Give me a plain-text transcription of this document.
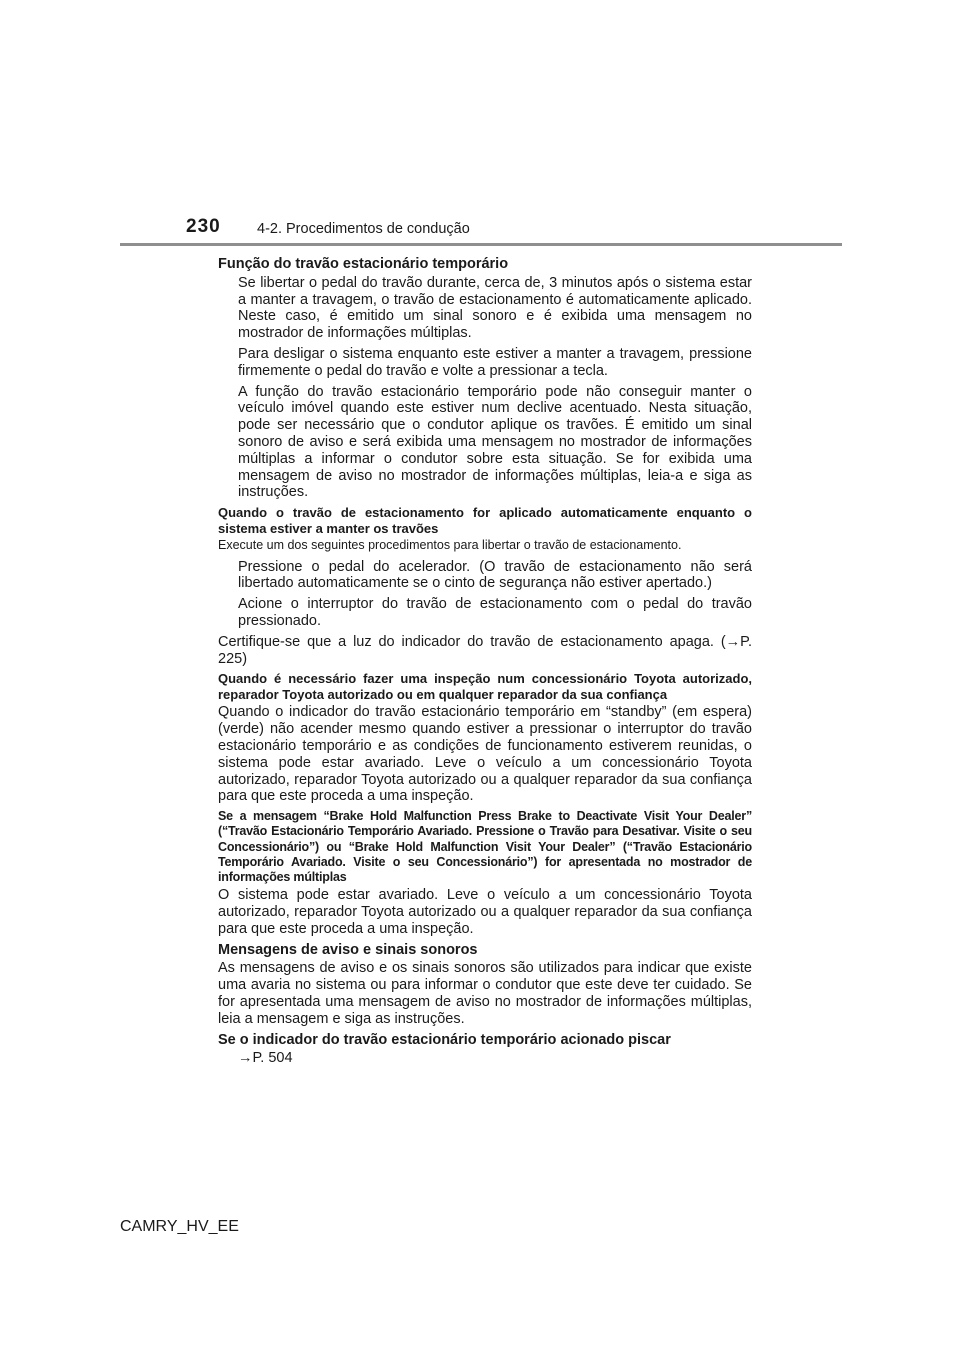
230	4-2. Procedimentos de condução

Função do travão estacionário temporário

Se libertar o pedal do travão durante, cerca de, 3 minutos após o sistema estar a manter a travagem, o travão de estacionamento é automaticamente aplicado. Neste caso, é emitido um sinal sonoro e é exibida uma mensagem no mostrador de informações múltiplas.

Para desligar o sistema enquanto este estiver a manter a travagem, pressione firmemente o pedal do travão e volte a pressionar a tecla.

A função do travão estacionário temporário pode não conseguir manter o veículo imóvel quando este estiver num declive acentuado. Nesta situação, pode ser necessário que o condutor aplique os travões. É emitido um sinal sonoro de aviso e será exibida uma mensagem no mostrador de informações múltiplas a informar o condutor sobre esta situação. Se for exibida uma mensagem de aviso no mostrador de informações múltiplas, leia-a e siga as instruções.

Quando o travão de estacionamento for aplicado automaticamente enquanto o sistema estiver a manter os travões

Execute um dos seguintes procedimentos para libertar o travão de estacionamento.

Pressione o pedal do acelerador. (O travão de estacionamento não será libertado automaticamente se o cinto de segurança não estiver apertado.)

Acione o interruptor do travão de estacionamento com o pedal do travão pressionado.

Certifique-se que a luz do indicador do travão de estacionamento apaga. (→P. 225)

Quando é necessário fazer uma inspeção num concessionário Toyota autorizado, reparador Toyota autorizado ou em qualquer reparador da sua confiança

Quando o indicador do travão estacionário temporário em “standby” (em espera) (verde) não acender mesmo quando estiver a pressionar o interruptor do travão estacionário temporário e as condições de funcionamento estiverem reunidas, o sistema pode estar avariado. Leve o veículo a um concessionário Toyota autorizado, reparador Toyota autorizado ou a qualquer reparador da sua confiança para que este proceda a uma inspeção.

Se a mensagem “Brake Hold Malfunction Press Brake to Deactivate Visit Your Dealer” (“Travão Estacionário Temporário Avariado. Pressione o Travão para Desativar. Visite o seu Concessionário”) ou “Brake Hold Malfunction Visit Your Dealer” (“Travão Estacionário Temporário Avariado. Visite o seu Concessionário”) for apresentada no mostrador de informações múltiplas

O sistema pode estar avariado. Leve o veículo a um concessionário Toyota autorizado, reparador Toyota autorizado ou a qualquer reparador da sua confiança para que este proceda a uma inspeção.

Mensagens de aviso e sinais sonoros

As mensagens de aviso e os sinais sonoros são utilizados para indicar que existe uma avaria no sistema ou para informar o condutor que este deve ter cuidado. Se for apresentada uma mensagem de aviso no mostrador de informações múltiplas, leia a mensagem e siga as instruções.

Se o indicador do travão estacionário temporário acionado piscar

→P. 504

CAMRY_HV_EE
